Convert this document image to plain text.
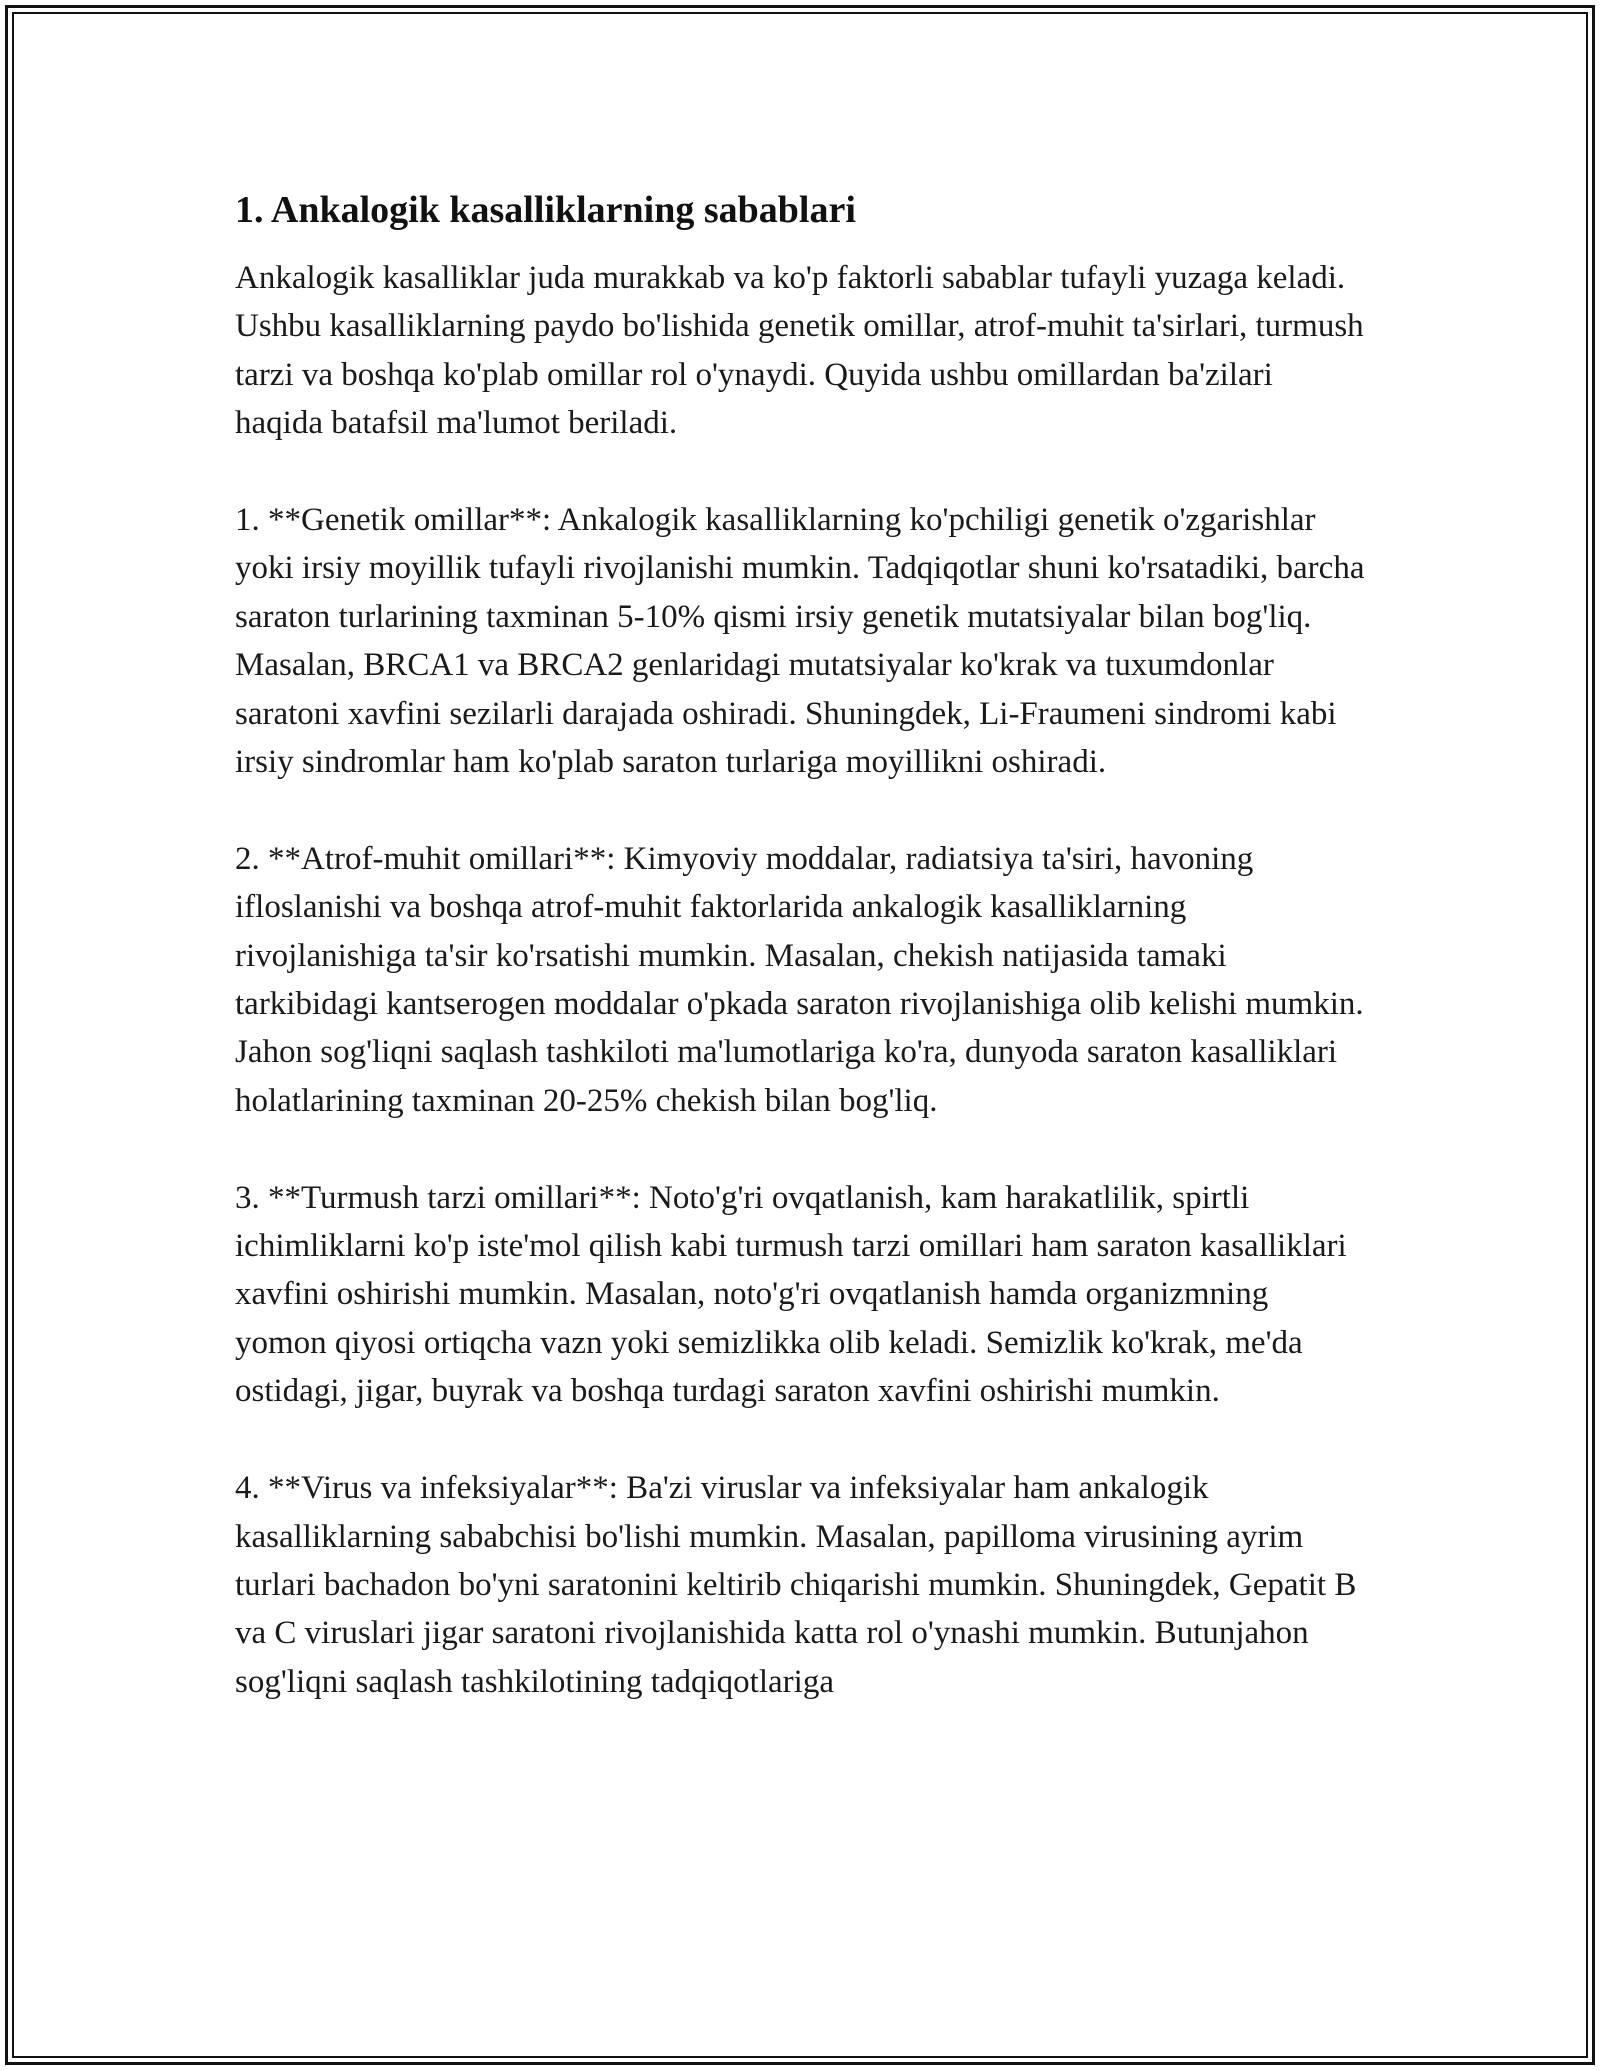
1. Ankalogik kasalliklarning sabablari

Ankalogik kasalliklar juda murakkab va ko'p faktorli sabablar tufayli yuzaga keladi. Ushbu kasalliklarning paydo bo'lishida genetik omillar, atrof-muhit ta'sirlari, turmush tarzi va boshqa ko'plab omillar rol o'ynaydi. Quyida ushbu omillardan ba'zilari haqida batafsil ma'lumot beriladi.

1. **Genetik omillar**: Ankalogik kasalliklarning ko'pchiligi genetik o'zgarishlar yoki irsiy moyillik tufayli rivojlanishi mumkin. Tadqiqotlar shuni ko'rsatadiki, barcha saraton turlarining taxminan 5-10% qismi irsiy genetik mutatsiyalar bilan bog'liq. Masalan, BRCA1 va BRCA2 genlaridagi mutatsiyalar ko'krak va tuxumdonlar saratoni xavfini sezilarli darajada oshiradi. Shuningdek, Li-Fraumeni sindromi kabi irsiy sindromlar ham ko'plab saraton turlariga moyillikni oshiradi.

2. **Atrof-muhit omillari**: Kimyoviy moddalar, radiatsiya ta'siri, havoning ifloslanishi va boshqa atrof-muhit faktorlarida ankalogik kasalliklarning rivojlanishiga ta'sir ko'rsatishi mumkin. Masalan, chekish natijasida tamaki tarkibidagi kantserogen moddalar o'pkada saraton rivojlanishiga olib kelishi mumkin. Jahon sog'liqni saqlash tashkiloti ma'lumotlariga ko'ra, dunyoda saraton kasalliklari holatlarining taxminan 20-25% chekish bilan bog'liq.

3. **Turmush tarzi omillari**: Noto'g'ri ovqatlanish, kam harakatlilik, spirtli ichimliklarni ko'p iste'mol qilish kabi turmush tarzi omillari ham saraton kasalliklari xavfini oshirishi mumkin. Masalan, noto'g'ri ovqatlanish hamda organizmning yomon qiyosi ortiqcha vazn yoki semizlikka olib keladi. Semizlik ko'krak, me'da ostidagi, jigar, buyrak va boshqa turdagi saraton xavfini oshirishi mumkin.

4. **Virus va infeksiyalar**: Ba'zi viruslar va infeksiyalar ham ankalogik kasalliklarning sababchisi bo'lishi mumkin. Masalan, papilloma virusining ayrim turlari bachadon bo'yni saratonini keltirib chiqarishi mumkin. Shuningdek, Gepatit B va C viruslari jigar saratoni rivojlanishida katta rol o'ynashi mumkin. Butunjahon sog'liqni saqlash tashkilotining tadqiqotlariga
